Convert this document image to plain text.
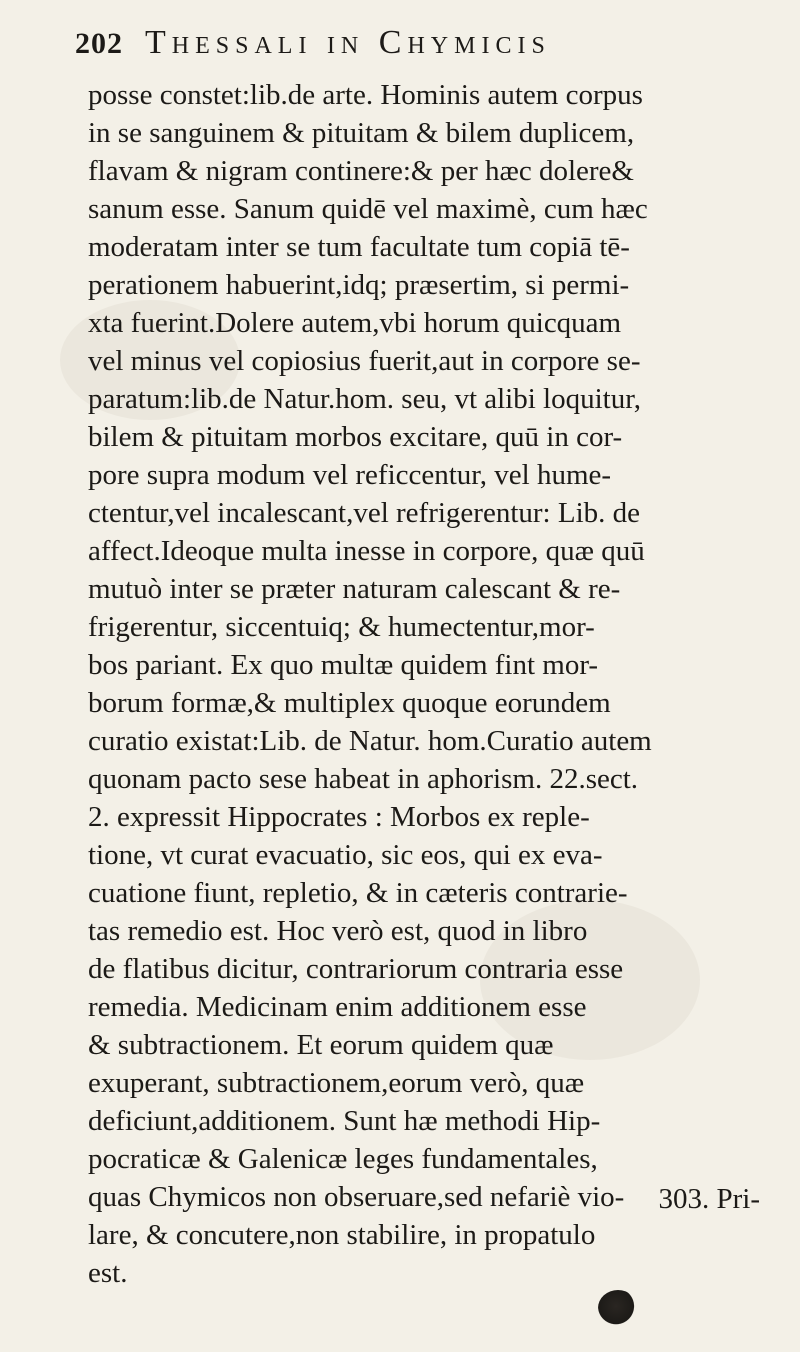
202 Thessali in Chymicis
posse constet:lib.de arte. Hominis autem corpus
in se sanguinem & pituitam & bilem duplicem,
flavam & nigram continere:& per hæc dolere&
sanum esse. Sanum quidē vel maximè, cum hæc
moderatam inter se tum facultate tum copiā tē-
perationem habuerint,idq; præsertim, si permi-
xta fuerint.Dolere autem,vbi horum quicquam
vel minus vel copiosius fuerit,aut in corpore se-
paratum:lib.de Natur.hom. seu, vt alibi loquitur,
bilem & pituitam morbos excitare, quū in cor-
pore supra modum vel reficcentur, vel hume-
ctentur,vel incalescant,vel refrigerentur: Lib. de
affect.Ideoque multa inesse in corpore, quæ quū
mutuò inter se præter naturam calescant & re-
frigerentur, siccentuiq; & humectentur,mor-
bos pariant. Ex quo multæ quidem fint mor-
borum formæ,& multiplex quoque eorundem
curatio existat:Lib. de Natur. hom.Curatio autem
quonam pacto sese habeat in aphorism. 22.sect.
2. expressit Hippocrates : Morbos ex reple-
tione, vt curat evacuatio, sic eos, qui ex eva-
cuatione fiunt, repletio, & in cæteris contrarie-
tas remedio est. Hoc verò est, quod in libro
de flatibus dicitur, contrariorum contraria esse
remedia. Medicinam enim additionem esse
& subtractionem. Et eorum quidem quæ
exuperant, subtractionem,eorum verò, quæ
deficiunt,additionem. Sunt hæ methodi Hip-
pocraticæ & Galenicæ leges fundamentales,
quas Chymicos non obseruare,sed nefariè vio-
lare, & concutere,non stabilire, in propatulo
est.
303. Pri-
